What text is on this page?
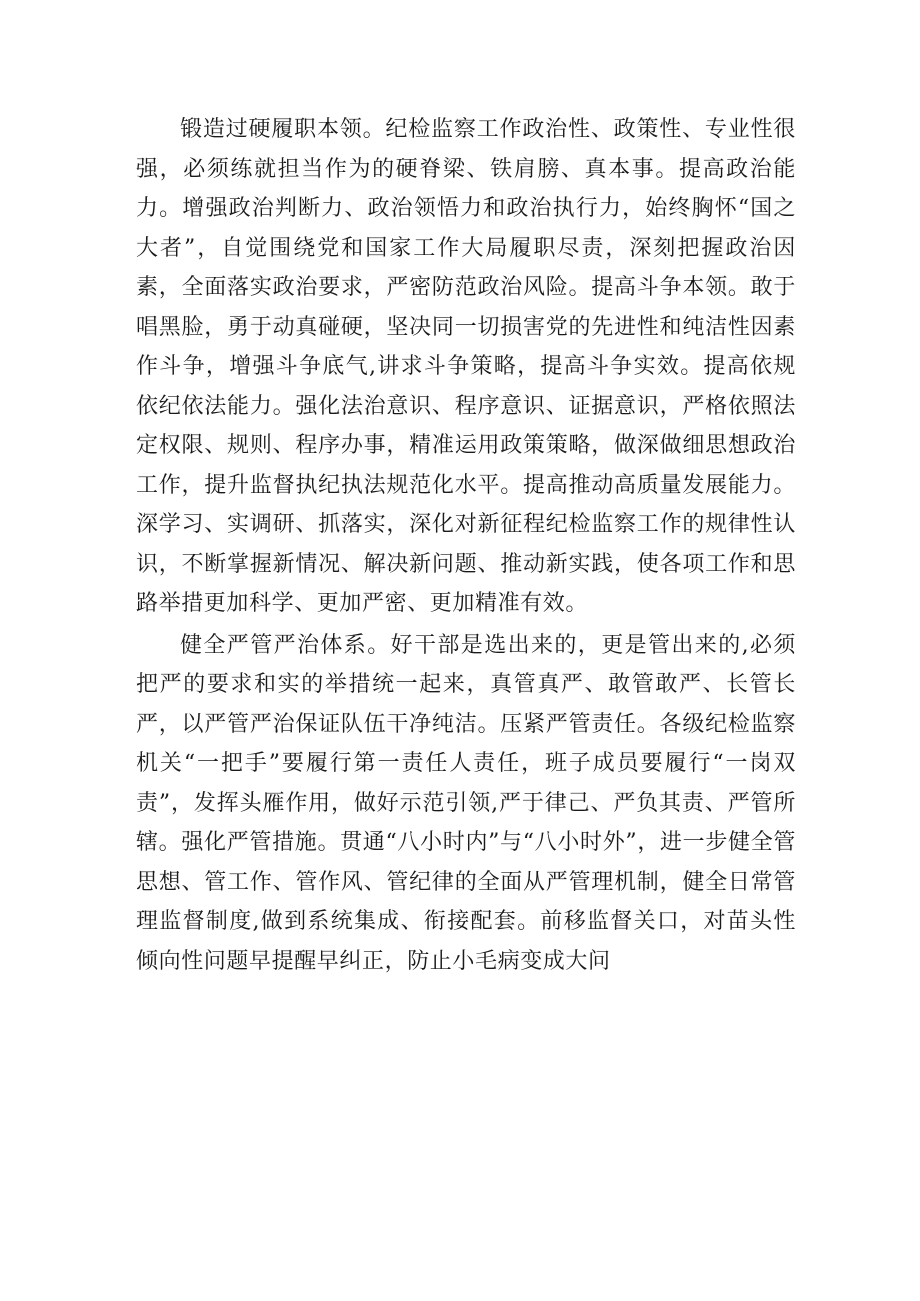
锻造过硬履职本领。纪检监察工作政治性、政策性、专业性很强，必须练就担当作为的硬脊梁、铁肩膀、真本事。提高政治能力。增强政治判断力、政治领悟力和政治执行力，始终胸怀“国之大者”，自觉围绕党和国家工作大局履职尽责，深刻把握政治因素，全面落实政治要求，严密防范政治风险。提高斗争本领。敢于唱黑脸，勇于动真碰硬，坚决同一切损害党的先进性和纯洁性因素作斗争，增强斗争底气,讲求斗争策略，提高斗争实效。提高依规依纪依法能力。强化法治意识、程序意识、证据意识，严格依照法定权限、规则、程序办事，精准运用政策策略，做深做细思想政治工作，提升监督执纪执法规范化水平。提高推动高质量发展能力。深学习、实调研、抓落实，深化对新征程纪检监察工作的规律性认识，不断掌握新情况、解决新问题、推动新实践，使各项工作和思路举措更加科学、更加严密、更加精准有效。

健全严管严治体系。好干部是选出来的，更是管出来的,必须把严的要求和实的举措统一起来，真管真严、敢管敢严、长管长严，以严管严治保证队伍干净纯洁。压紧严管责任。各级纪检监察机关“一把手”要履行第一责任人责任，班子成员要履行“一岗双责”，发挥头雁作用，做好示范引领,严于律己、严负其责、严管所辖。强化严管措施。贯通“八小时内”与“八小时外”，进一步健全管思想、管工作、管作风、管纪律的全面从严管理机制，健全日常管理监督制度,做到系统集成、衔接配套。前移监督关口，对苗头性倾向性问题早提醒早纠正，防止小毛病变成大问
